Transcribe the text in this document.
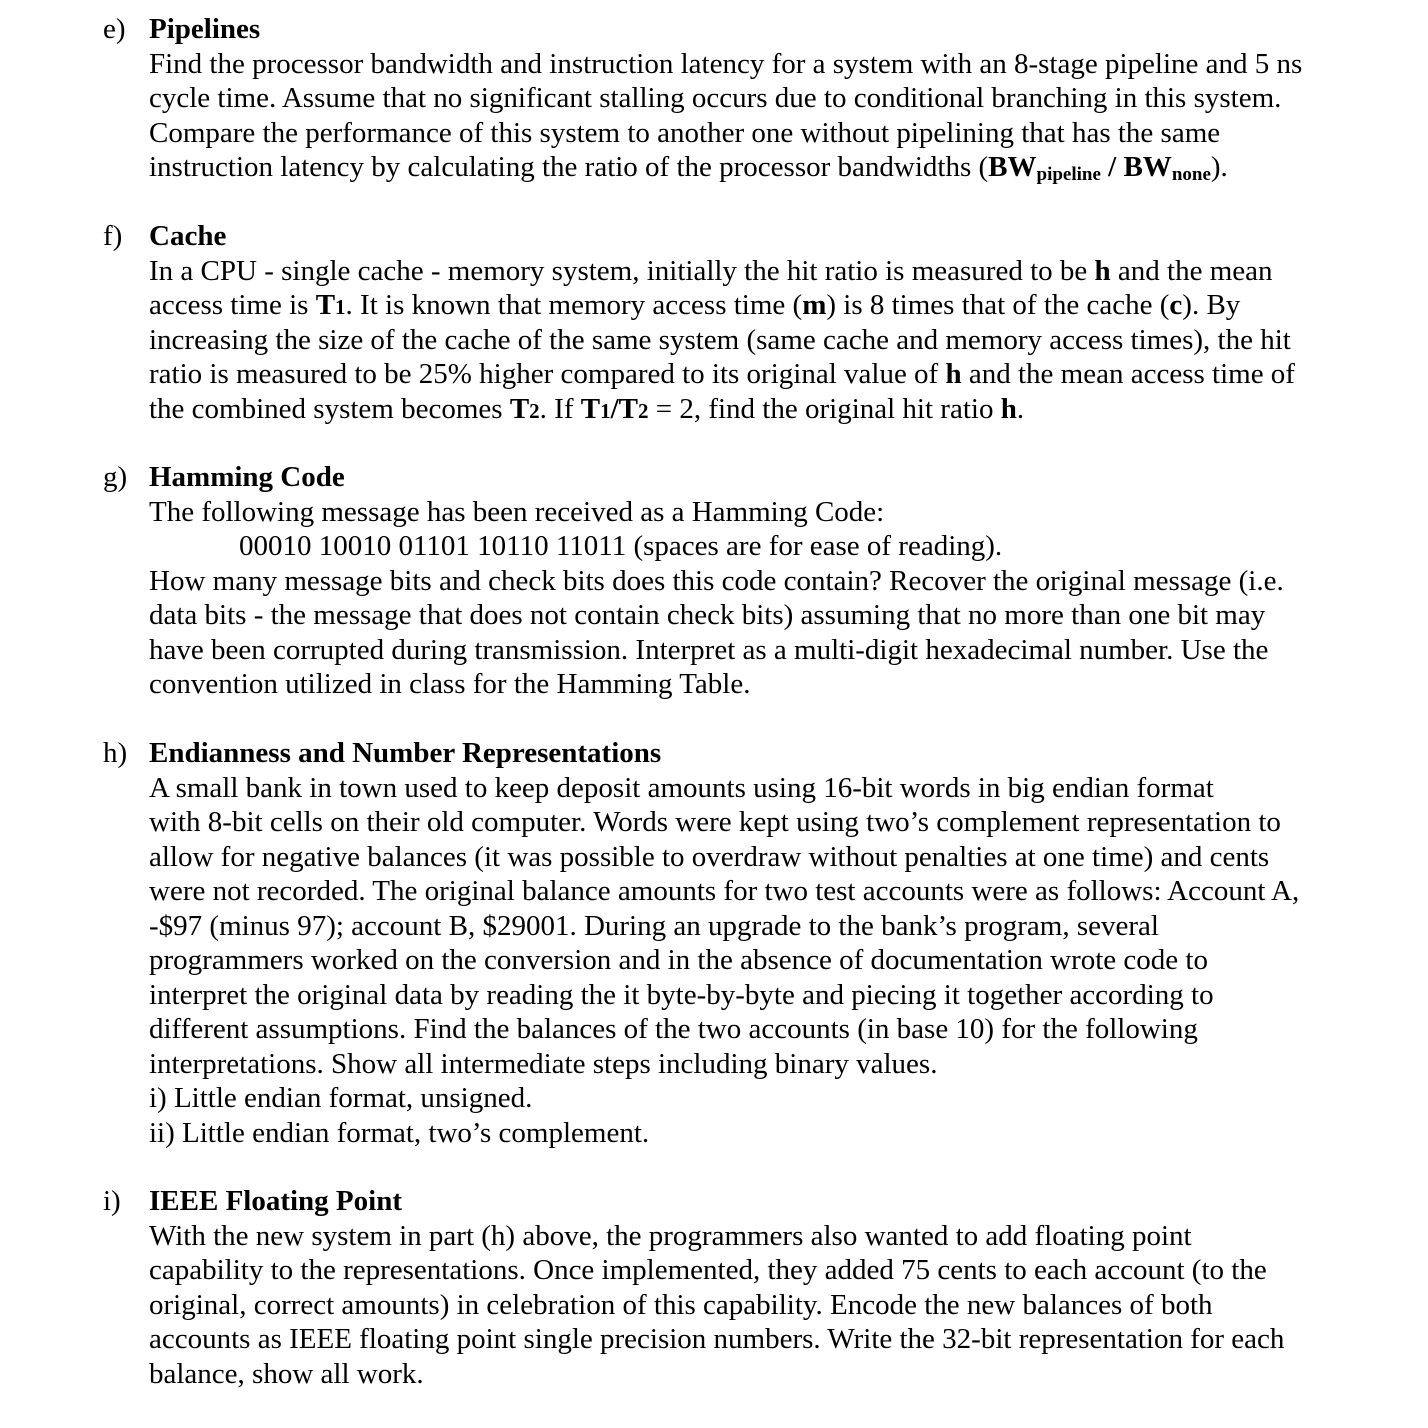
e) Pipelines
Find the processor bandwidth and instruction latency for a system with an 8-stage pipeline and 5 ns
cycle time. Assume that no significant stalling occurs due to conditional branching in this system.
Compare the performance of this system to another one without pipelining that has the same
instruction latency by calculating the ratio of the processor bandwidths $(BW_{pipeline} / BW_{none})$.
f) Cache
In a CPU - single cache - memory system, initially the hit ratio is measured to be h and the mean
access time is T1. It is known that memory access time (m) is 8 times that of the cache (c). By
increasing the size of the cache of the same system (same cache and memory access times), the hit
ratio is measured to be 25% higher compared to its original value of h and the mean access time of
the combined system becomes T2. If T1/T2 = 2, find the original hit ratio h.
g) Hamming Code
The following message has been received as a Hamming Code:
00010 10010 01101 10110 11011 (spaces are for ease of reading).
How many message bits and check bits does this code contain? Recover the original message (i.e.
data bits - the message that does not contain check bits) assuming that no more than one bit may
have been corrupted during transmission. Interpret as a multi-digit hexadecimal number. Use the
convention utilized in class for the Hamming Table.
h) Endianness and Number Representations
A small bank in town used to keep deposit amounts using 16-bit words in big endian format
with 8-bit cells on their old computer. Words were kept using two’s complement representation to
allow for negative balances (it was possible to overdraw without penalties at one time) and cents
were not recorded. The original balance amounts for two test accounts were as follows: Account A,
-$97 (minus 97); account B, $29001. During an upgrade to the bank’s program, several
programmers worked on the conversion and in the absence of documentation wrote code to
interpret the original data by reading the it byte-by-byte and piecing it together according to
different assumptions. Find the balances of the two accounts (in base 10) for the following
interpretations. Show all intermediate steps including binary values.
i) Little endian format, unsigned.
ii) Little endian format, two’s complement.
i) IEEE Floating Point
With the new system in part (h) above, the programmers also wanted to add floating point
capability to the representations. Once implemented, they added 75 cents to each account (to the
original, correct amounts) in celebration of this capability. Encode the new balances of both
accounts as IEEE floating point single precision numbers. Write the 32-bit representation for each
balance, show all work.
